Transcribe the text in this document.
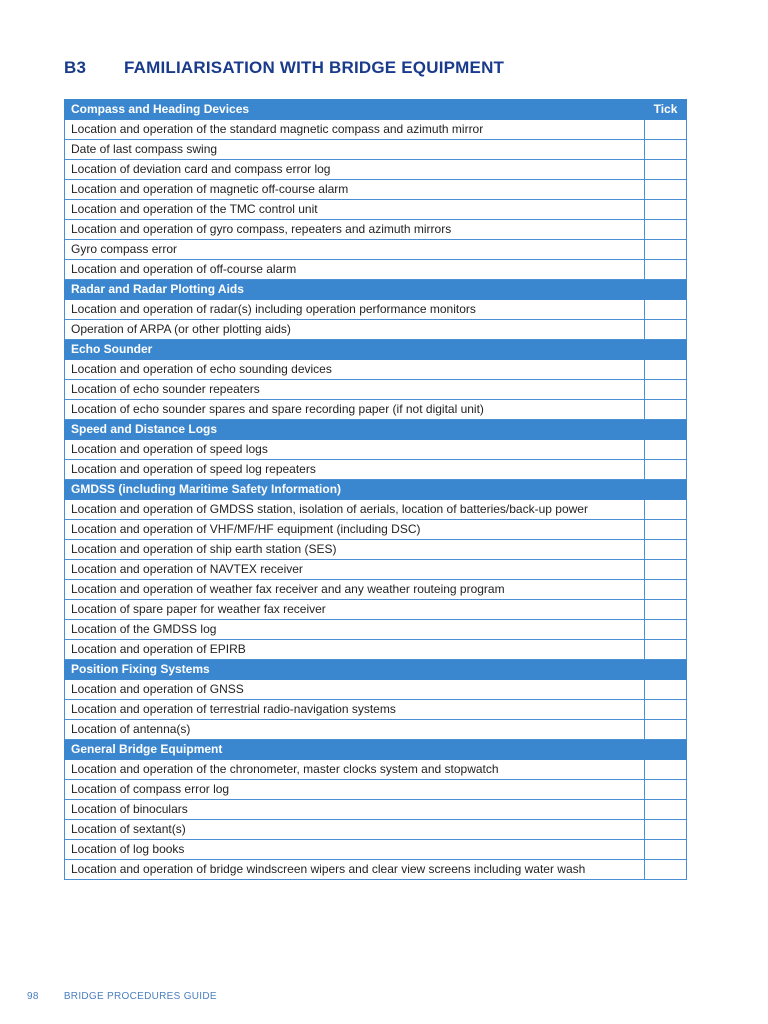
B3	FAMILIARISATION WITH BRIDGE EQUIPMENT
Compass and Heading Devices	Tick
Location and operation of the standard magnetic compass and azimuth mirror	
Date of last compass swing	
Location of deviation card and compass error log	
Location and operation of magnetic off-course alarm	
Location and operation of the TMC control unit	
Location and operation of gyro compass, repeaters and azimuth mirrors	
Gyro compass error	
Location and operation of off-course alarm	
Radar and Radar Plotting Aids	
Location and operation of radar(s) including operation performance monitors	
Operation of ARPA (or other plotting aids)	
Echo Sounder	
Location and operation of echo sounding devices	
Location of echo sounder repeaters	
Location of echo sounder spares and spare recording paper (if not digital unit)	
Speed and Distance Logs	
Location and operation of speed logs	
Location and operation of speed log repeaters	
GMDSS (including Maritime Safety Information)	
Location and operation of GMDSS station, isolation of aerials, location of batteries/back-up power	
Location and operation of VHF/MF/HF equipment (including DSC)	
Location and operation of ship earth station (SES)	
Location and operation of NAVTEX receiver	
Location and operation of weather fax receiver and any weather routeing program	
Location of spare paper for weather fax receiver	
Location of the GMDSS log	
Location and operation of EPIRB	
Position Fixing Systems	
Location and operation of GNSS	
Location and operation of terrestrial radio-navigation systems	
Location of antenna(s)	
General Bridge Equipment	
Location and operation of the chronometer, master clocks system and stopwatch	
Location of compass error log	
Location of binoculars	
Location of sextant(s)	
Location of log books	
Location and operation of bridge windscreen wipers and clear view screens including water wash	
98	BRIDGE PROCEDURES GUIDE
